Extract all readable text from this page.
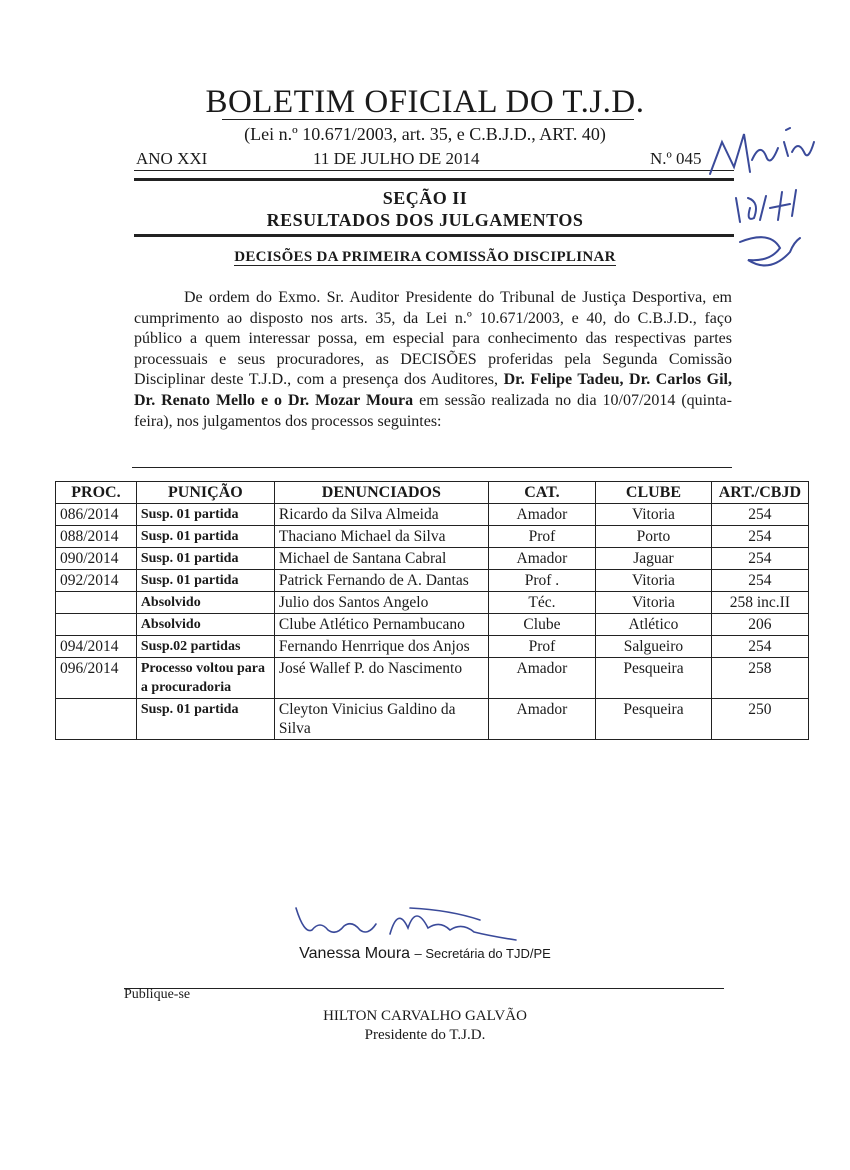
BOLETIM OFICIAL DO T.J.D.
(Lei n.º 10.671/2003, art. 35, e C.B.J.D., ART. 40)
ANO XXI	11 DE JULHO DE 2014	N.º 045
SEÇÃO II
RESULTADOS DOS JULGAMENTOS
DECISÕES DA PRIMEIRA COMISSÃO DISCIPLINAR
De ordem do Exmo. Sr. Auditor Presidente do Tribunal de Justiça Desportiva, em cumprimento ao disposto nos arts. 35, da Lei n.º 10.671/2003, e 40, do C.B.J.D., faço público a quem interessar possa, em especial para conhecimento das respectivas partes processuais e seus procuradores, as DECISÕES proferidas pela Segunda Comissão Disciplinar deste T.J.D., com a presença dos Auditores, Dr. Felipe Tadeu, Dr. Carlos Gil, Dr. Renato Mello e o Dr. Mozar Moura em sessão realizada no dia 10/07/2014 (quinta-feira), nos julgamentos dos processos seguintes:
PROC.	PUNIÇÃO	DENUNCIADOS	CAT.	CLUBE	ART./CBJD
086/2014	Susp. 01 partida	Ricardo da Silva Almeida	Amador	Vitoria	254
088/2014	Susp. 01 partida	Thaciano Michael da Silva	Prof	Porto	254
090/2014	Susp. 01 partida	Michael de Santana Cabral	Amador	Jaguar	254
092/2014	Susp. 01 partida	Patrick Fernando de A. Dantas	Prof .	Vitoria	254
	Absolvido	Julio dos Santos Angelo	Téc.	Vitoria	258 inc.II
	Absolvido	Clube Atlético Pernambucano	Clube	Atlético	206
094/2014	Susp.02 partidas	Fernando Henrrique dos Anjos	Prof	Salgueiro	254
096/2014	Processo voltou para a procuradoria	José Wallef P. do Nascimento	Amador	Pesqueira	258
	Susp. 01 partida	Cleyton Vinicius Galdino da Silva	Amador	Pesqueira	250
Vanessa Moura – Secretária do TJD/PE
Publique-se
HILTON CARVALHO GALVÃO
Presidente do T.J.D.
